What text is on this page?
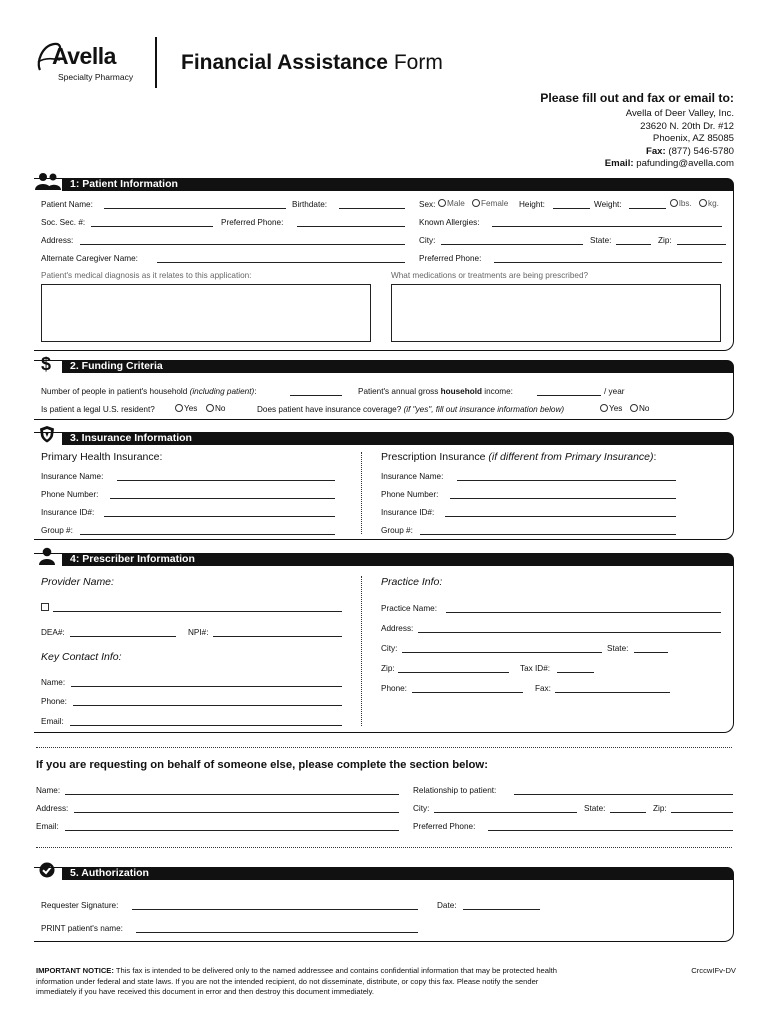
Avella
Specialty Pharmacy
Financial Assistance Form
Please fill out and fax or email to:
Avella of Deer Valley, Inc.
23620 N. 20th Dr. #12
Phoenix, AZ 85085
Fax: (877) 546-5780
Email: pafunding@avella.com
1: Patient Information
Patient Name:	Birthdate:	Sex:	Male	Female Height:	Weight:	lbs.	kg.
Soc. Sec. #:	Preferred Phone:	Known Allergies:
Address:	City:	State:	Zip:
Alternate Caregiver Name:	Preferred Phone:
Patient's medical diagnosis as it relates to this application:	What medications or treatments are being prescribed?
$	2. Funding Criteria
Number of people in patient's household (including patient):	Patient's annual gross household income:	/ year
Is patient a legal U.S. resident?	Yes	No	Does patient have insurance coverage? (if "yes", fill out insurance information below)	Yes	No
3. Insurance Information
Primary Health Insurance:	Prescription Insurance (if different from Primary Insurance):
Insurance Name:
Phone Number:
Insurance ID#:
Group #:
Insurance Name:
Phone Number:
Insurance ID#:
Group #:
4: Prescriber Information
Provider Name:	Practice Info:
DEA#:	NPI#:
Key Contact Info:
Name:
Phone:
Email:
Practice Name:
Address:
City:	State:
Zip:	Tax ID#:
Phone:	Fax:
If you are requesting on behalf of someone else, please complete the section below:
Name:	Relationship to patient:
Address:	City:	State:	Zip:
Email:	Preferred Phone:
5. Authorization
Requester Signature:	Date:
PRINT patient's name:
IMPORTANT NOTICE: This fax is intended to be delivered only to the named addressee and contains confidential information that may be protected health
information under federal and state laws. If you are not the intended recipient, do not disseminate, distribute, or copy this fax. Please notify the sender
immediately if you have received this document in error and then destroy this document immediately.
CrccwIFv-DV
